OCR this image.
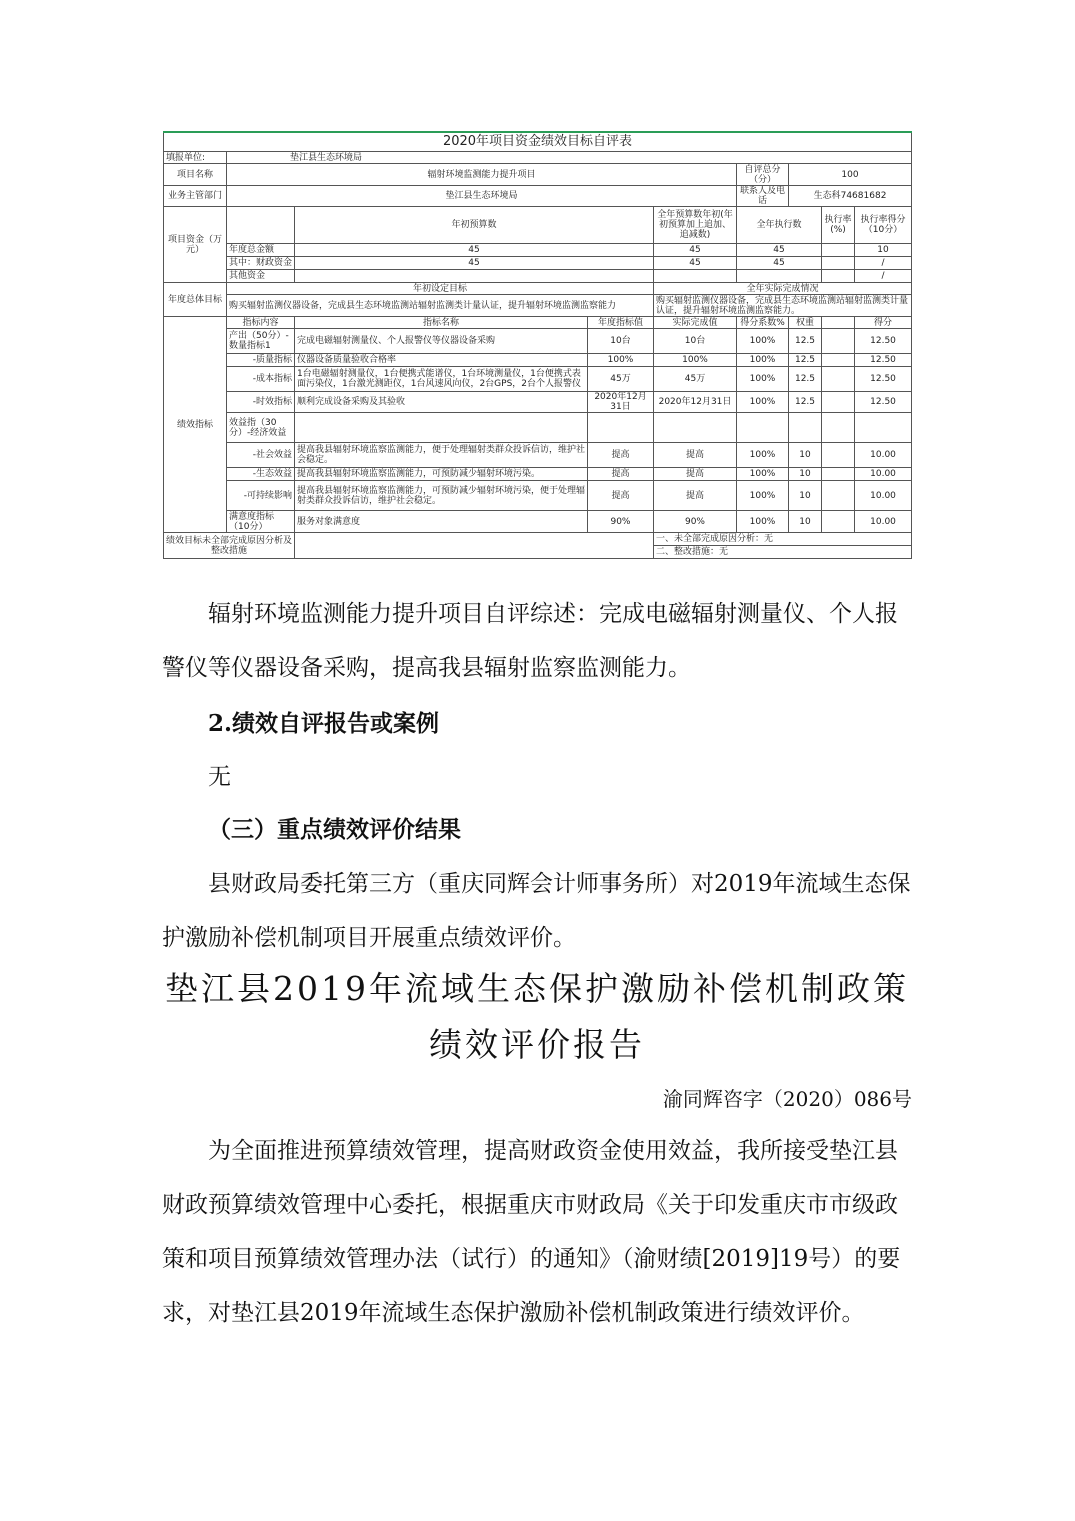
2020年项目资金绩效目标自评表								
填报单位:	垫江县生态环境局							
项目名称	辐射环境监测能力提升项目				自评总分（分）	100		
业务主管部门	垫江县生态环境局				联系人及电话	生态科74681682		
项目资金（万元）		年初预算数		全年预算数年初(年初预算加上追加、追减数)	全年执行数		执行率(%)	执行率得分（10分）
	年度总金额	45		45	45			10
	其中：财政资金	45		45	45			/
	其他资金							/
年度总体目标	年初设定目标			全年实际完成情况				
	购买辐射监测仪器设备，完成县生态环境监测站辐射监测类计量认证，提升辐射环境监测监察能力			购买辐射监测仪器设备，完成县生态环境监测站辐射监测类计量认证，提升辐射环境监测监察能力。				
绩效指标	指标内容	指标名称	年度指标值	实际完成值	得分系数%	权重		得分
	产出（50分）-数量指标1	完成电磁辐射测量仪、个人报警仪等仪器设备采购	10台	10台	100%	12.5		12.50
	-质量指标	仪器设备质量验收合格率	100%	100%	100%	12.5		12.50
	-成本指标	1台电磁辐射测量仪，1台便携式能谱仪，1台环境测量仪，1台便携式表面污染仪，1台激光测距仪，1台风速风向仪，2台GPS，2台个人报警仪	45万	45万	100%	12.5		12.50
	-时效指标	顺利完成设备采购及其验收	2020年12月31日	2020年12月31日	100%	12.5		12.50
	效益指（30分）-经济效益							
	-社会效益	提高我县辐射环境监察监测能力，便于处理辐射类群众投诉信访，维护社会稳定。	提高	提高	100%	10		10.00
	-生态效益	提高我县辐射环境监察监测能力，可预防减少辐射环境污染。	提高	提高	100%	10		10.00
	-可持续影响	提高我县辐射环境监察监测能力，可预防减少辐射环境污染，便于处理辐射类群众投诉信访，维护社会稳定。	提高	提高	100%	10		10.00
	满意度指标（10分）	服务对象满意度	90%	90%	100%	10		10.00
绩效目标未全部完成原因分析及整改措施				一、未全部完成原因分析：无				
				二、整改措施：无				

辐射环境监测能力提升项目自评综述：完成电磁辐射测量仪、个人报警仪等仪器设备采购，提高我县辐射监察监测能力。

2.绩效自评报告或案例

无

（三）重点绩效评价结果

县财政局委托第三方（重庆同辉会计师事务所）对2019年流域生态保护激励补偿机制项目开展重点绩效评价。

垫江县2019年流域生态保护激励补偿机制政策

绩效评价报告

渝同辉咨字（2020）086号

为全面推进预算绩效管理，提高财政资金使用效益，我所接受垫江县财政预算绩效管理中心委托，根据重庆市财政局《关于印发重庆市市级政策和项目预算绩效管理办法（试行）的通知》（渝财绩[2019]19号）的要求，对垫江县2019年流域生态保护激励补偿机制政策进行绩效评价。
